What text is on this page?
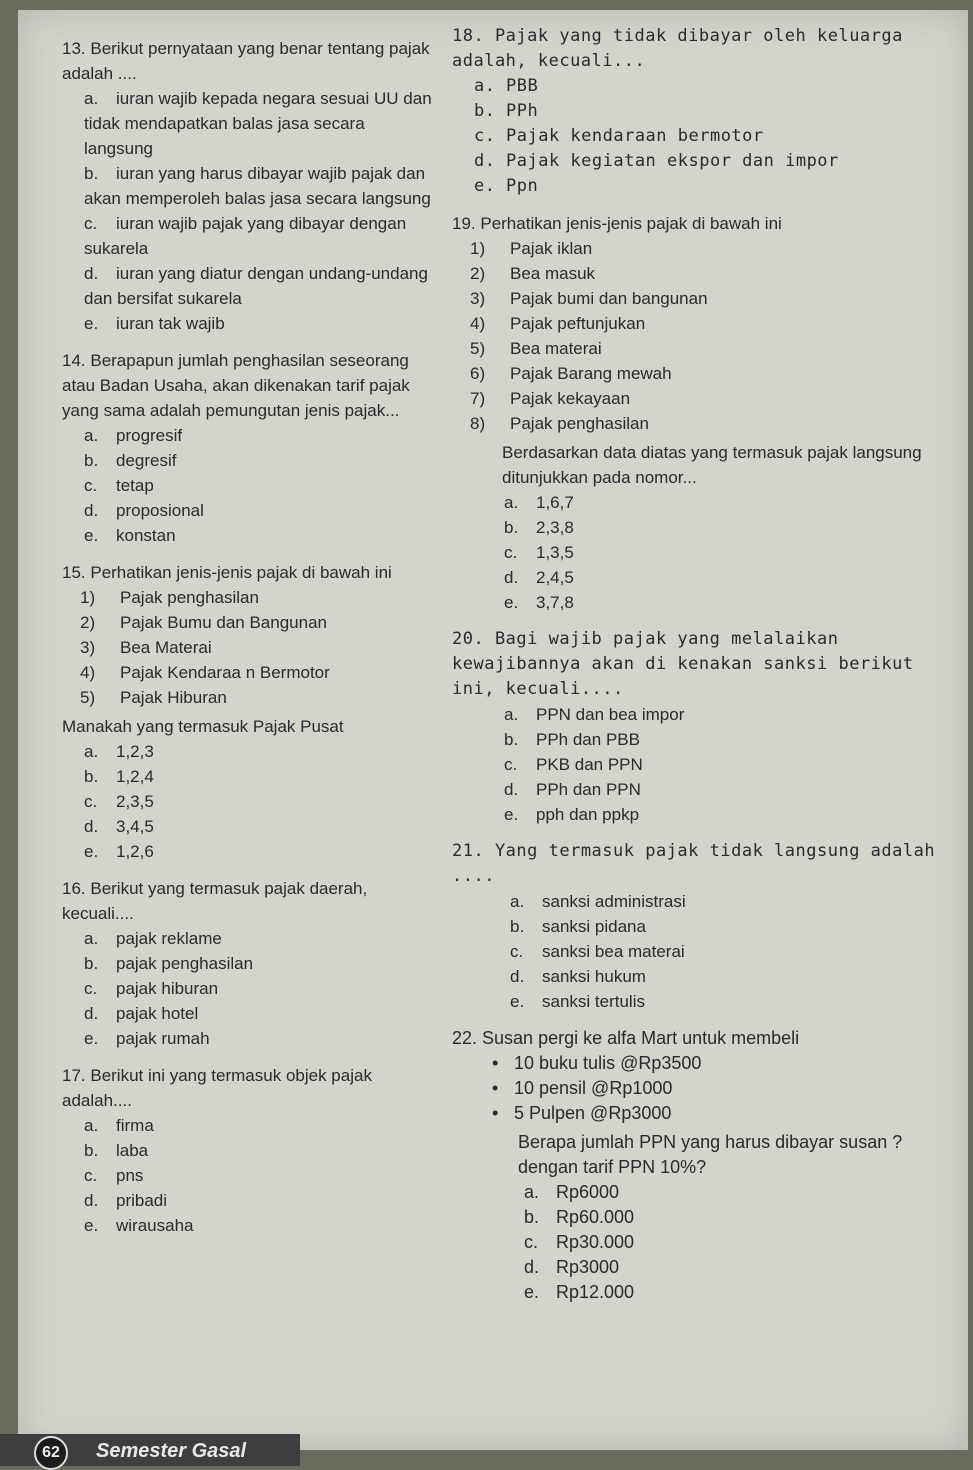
13. Berikut pernyataan yang benar tentang pajak adalah ....

a. iuran wajib kepada negara sesuai UU dan tidak mendapatkan balas jasa secara langsung

b. iuran yang harus dibayar wajib pajak dan akan memperoleh balas jasa secara langsung

c. iuran wajib pajak yang dibayar dengan sukarela

d. iuran yang diatur dengan undang-undang dan bersifat sukarela

e. iuran tak wajib

14. Berapapun jumlah penghasilan seseorang atau Badan Usaha, akan dikenakan tarif pajak yang sama adalah pemungutan jenis pajak...

a. progresif

b. degresif

c. tetap

d. proposional

e. konstan

15. Perhatikan jenis-jenis pajak di bawah ini

1) Pajak penghasilan

2) Pajak Bumu dan Bangunan

3) Bea Materai

4) Pajak Kendaraa n Bermotor

5) Pajak Hiburan

Manakah yang termasuk Pajak Pusat

a. 1,2,3

b. 1,2,4

c. 2,3,5

d. 3,4,5

e. 1,2,6

16. Berikut yang termasuk pajak daerah, kecuali....

a. pajak reklame

b. pajak penghasilan

c. pajak hiburan

d. pajak hotel

e. pajak rumah

17. Berikut ini yang termasuk objek pajak adalah....

a. firma

b. laba

c. pns

d. pribadi

e. wirausaha

18. Pajak yang tidak dibayar oleh keluarga adalah, kecuali...

a. PBB

b. PPh

c. Pajak kendaraan bermotor

d. Pajak kegiatan ekspor dan impor

e. Ppn

19. Perhatikan jenis-jenis pajak di bawah ini

1) Pajak iklan

2) Bea masuk

3) Pajak bumi dan bangunan

4) Pajak peftunjukan

5) Bea materai

6) Pajak Barang mewah

7) Pajak kekayaan

8) Pajak penghasilan

Berdasarkan data diatas yang termasuk pajak langsung ditunjukkan pada nomor...

a. 1,6,7

b. 2,3,8

c. 1,3,5

d. 2,4,5

e. 3,7,8

20. Bagi wajib pajak yang melalaikan kewajibannya akan di kenakan sanksi berikut ini, kecuali....

a. PPN dan bea impor

b. PPh dan PBB

c. PKB dan PPN

d. PPh dan PPN

e. pph dan ppkp

21. Yang termasuk pajak tidak langsung adalah ....

a. sanksi administrasi

b. sanksi pidana

c. sanksi bea materai

d. sanksi hukum

e. sanksi tertulis

22. Susan pergi ke alfa Mart untuk membeli

• 10 buku tulis @Rp3500

• 10 pensil @Rp1000

• 5 Pulpen @Rp3000

Berapa jumlah PPN yang harus dibayar susan ? dengan tarif PPN 10%?

a. Rp6000

b. Rp60.000

c. Rp30.000

d. Rp3000

e. Rp12.000

62	Semester Gasal
